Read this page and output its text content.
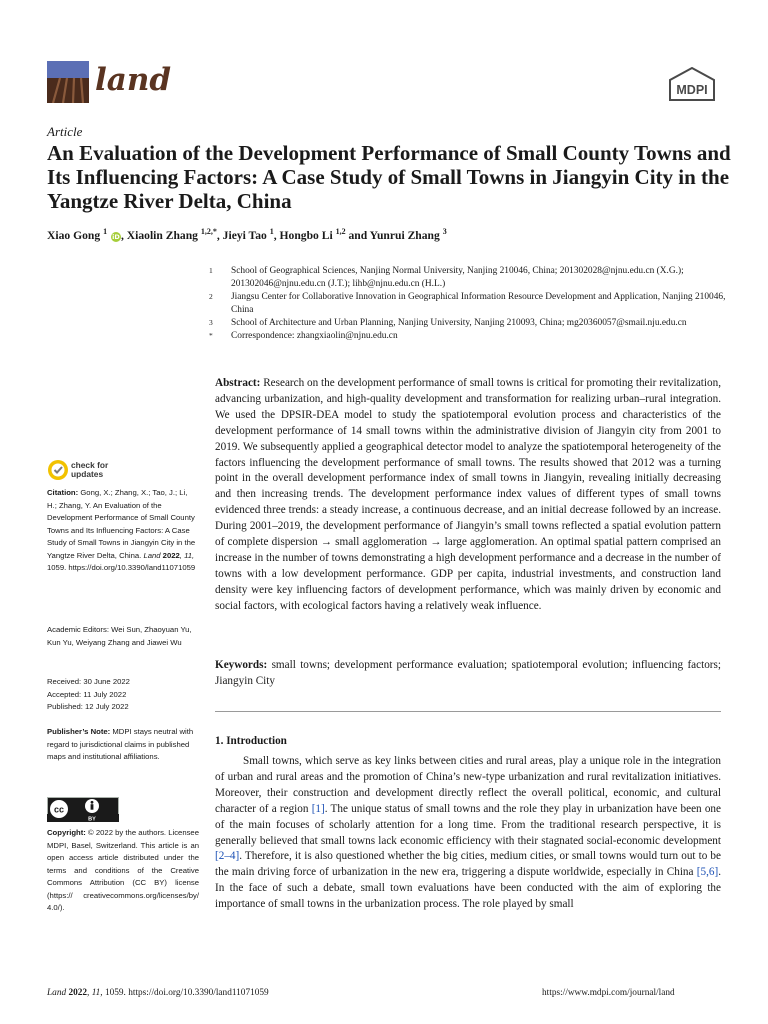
land	MDPI
Article
An Evaluation of the Development Performance of Small County Towns and Its Influencing Factors: A Case Study of Small Towns in Jiangyin City in the Yangtze River Delta, China
Xiao Gong $^1$ iD, Xiaolin Zhang $^{1,2,*}$, Jieyi Tao $^1$, Hongbo Li $^{1,2}$ and Yunrui Zhang $^3$
1	School of Geographical Sciences, Nanjing Normal University, Nanjing 210046, China; 201302028@njnu.edu.cn (X.G.); 201302046@njnu.edu.cn (J.T.); lihb@njnu.edu.cn (H.L.)
2	Jiangsu Center for Collaborative Innovation in Geographical Information Resource Development and Application, Nanjing 210046, China
3	School of Architecture and Urban Planning, Nanjing University, Nanjing 210093, China; mg20360057@smail.nju.edu.cn
*	Correspondence: zhangxiaolin@njnu.edu.cn
Abstract: Research on the development performance of small towns is critical for promoting their revitalization, advancing urbanization, and high-quality development and transformation for realizing urban–rural integration. We used the DPSIR-DEA model to study the spatiotemporal evolution process and characteristics of the development performance of 14 small towns within the administrative division of Jiangyin city from 2001 to 2019. We subsequently applied a geographical detector model to analyze the spatiotemporal heterogeneity of the factors influencing the development performance of small towns. The results showed that 2012 was a turning point in the overall development performance index of small towns in Jiangyin, revealing initially decreasing and then increasing trends. The development performance index values of different types of small towns evidenced three trends: a steady increase, a continuous decrease, and an initial decrease followed by an increase. During 2001–2019, the development performance of Jiangyin’s small towns reflected a spatial evolution pattern of complete dispersion → small agglomeration → large agglomeration. An optimal spatial pattern comprised an increase in the number of towns demonstrating a high development performance and a decrease in the number of towns with a low development performance. GDP per capita, industrial investments, and construction land density were key influencing factors of development performance, which was mainly driven by economic and social factors, with ecological factors having a relatively weak influence.
Keywords: small towns; development performance evaluation; spatiotemporal evolution; influencing factors; Jiangyin City
1. Introduction
Small towns, which serve as key links between cities and rural areas, play a unique role in the integration of urban and rural areas and the promotion of China’s new-type urbanization and rural revitalization initiatives. Moreover, their construction and development directly reflect the overall political, economic, and cultural character of a region [1]. The unique status of small towns and the role they play in urbanization have been one of the main focuses of scholarly attention for a long time. From the traditional research perspective, it is generally believed that small towns lack economic efficiency with their stagnated social-economic development [2–4]. Therefore, it is also questioned whether the big cities, medium cities, or small towns would turn out to be the main driving force of urbanization in the new era, triggering a dispute worldwide, especially in China [5,6]. In the face of such a debate, small town evaluations have been conducted with the aim of exploring the importance of small towns in the urbanization process. The role played by small
check for
updates
Citation: Gong, X.; Zhang, X.; Tao, J.; Li, H.; Zhang, Y. An Evaluation of the Development Performance of Small County Towns and Its Influencing Factors: A Case Study of Small Towns in Jiangyin City in the Yangtze River Delta, China. Land 2022, 11, 1059. https://doi.org/10.3390/land11071059
Academic Editors: Wei Sun, Zhaoyuan Yu, Kun Yu, Weiyang Zhang and Jiawei Wu
Received: 30 June 2022
Accepted: 11 July 2022
Published: 12 July 2022
Publisher’s Note: MDPI stays neutral with regard to jurisdictional claims in published maps and institutional affiliations.
cc
BY
Copyright: © 2022 by the authors. Licensee MDPI, Basel, Switzerland. This article is an open access article distributed under the terms and conditions of the Creative Commons Attribution (CC BY) license (https:// creativecommons.org/licenses/by/ 4.0/).
Land 2022, 11, 1059. https://doi.org/10.3390/land11071059	https://www.mdpi.com/journal/land
